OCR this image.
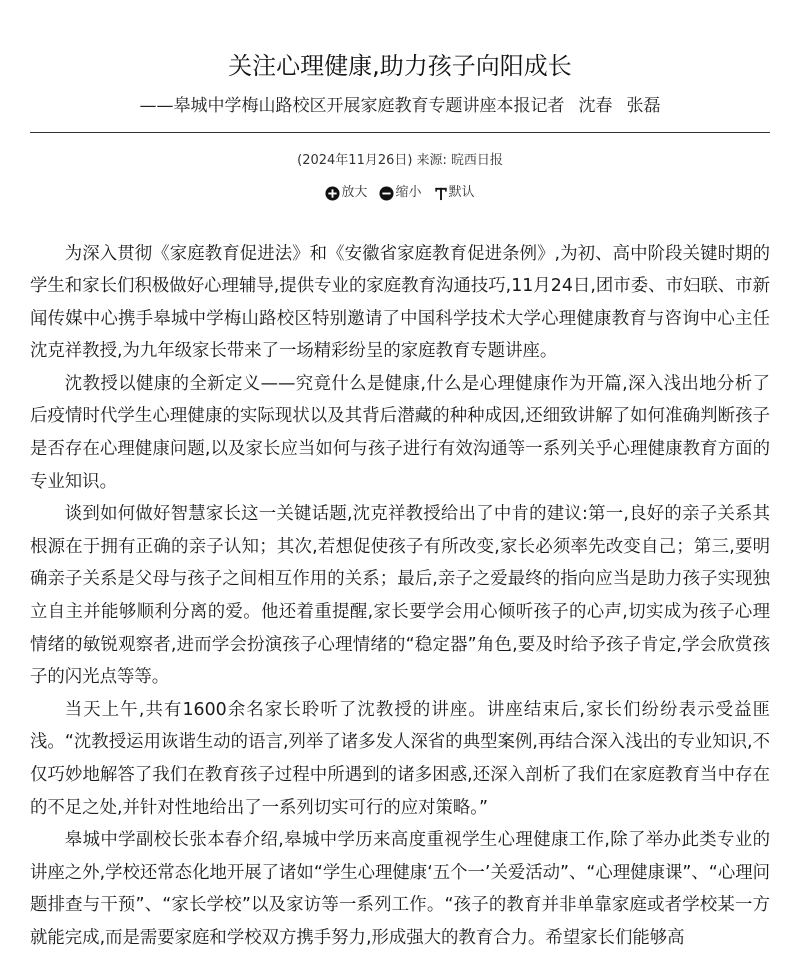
关注心理健康,助力孩子向阳成长
——皋城中学梅山路校区开展家庭教育专题讲座本报记者 沈春 张磊
(2024年11月26日) 来源: 晥西日报
放大
缩小
默认

为深入贯彻《家庭教育促进法》和《安徽省家庭教育促进条例》,为初、高中阶段关键时期的学生和家长们积极做好心理辅导,提供专业的家庭教育沟通技巧,11月24日,团市委、市妇联、市新闻传媒中心携手皋城中学梅山路校区特别邀请了中国科学技术大学心理健康教育与咨询中心主任沈克祥教授,为九年级家长带来了一场精彩纷呈的家庭教育专题讲座。

沈教授以健康的全新定义——究竟什么是健康,什么是心理健康作为开篇,深入浅出地分析了后疫情时代学生心理健康的实际现状以及其背后潜藏的种种成因,还细致讲解了如何准确判断孩子是否存在心理健康问题,以及家长应当如何与孩子进行有效沟通等一系列关乎心理健康教育方面的专业知识。

谈到如何做好智慧家长这一关键话题,沈克祥教授给出了中肯的建议:第一,良好的亲子关系其根源在于拥有正确的亲子认知；其次,若想促使孩子有所改变,家长必须率先改变自己；第三,要明确亲子关系是父母与孩子之间相互作用的关系；最后,亲子之爱最终的指向应当是助力孩子实现独立自主并能够顺利分离的爱。他还着重提醒,家长要学会用心倾听孩子的心声,切实成为孩子心理情绪的敏锐观察者,进而学会扮演孩子心理情绪的“稳定器”角色,要及时给予孩子肯定,学会欣赏孩子的闪光点等等。

当天上午,共有1600余名家长聆听了沈教授的讲座。讲座结束后,家长们纷纷表示受益匪浅。“沈教授运用诙谐生动的语言,列举了诸多发人深省的典型案例,再结合深入浅出的专业知识,不仅巧妙地解答了我们在教育孩子过程中所遇到的诸多困惑,还深入剖析了我们在家庭教育当中存在的不足之处,并针对性地给出了一系列切实可行的应对策略。”

皋城中学副校长张本春介绍,皋城中学历来高度重视学生心理健康工作,除了举办此类专业的讲座之外,学校还常态化地开展了诸如“学生心理健康‘五个一’关爱活动”、“心理健康课”、“心理问题排查与干预”、“家长学校”以及家访等一系列工作。“孩子的教育并非单靠家庭或者学校某一方就能完成,而是需要家庭和学校双方携手努力,形成强大的教育合力。希望家长们能够高
